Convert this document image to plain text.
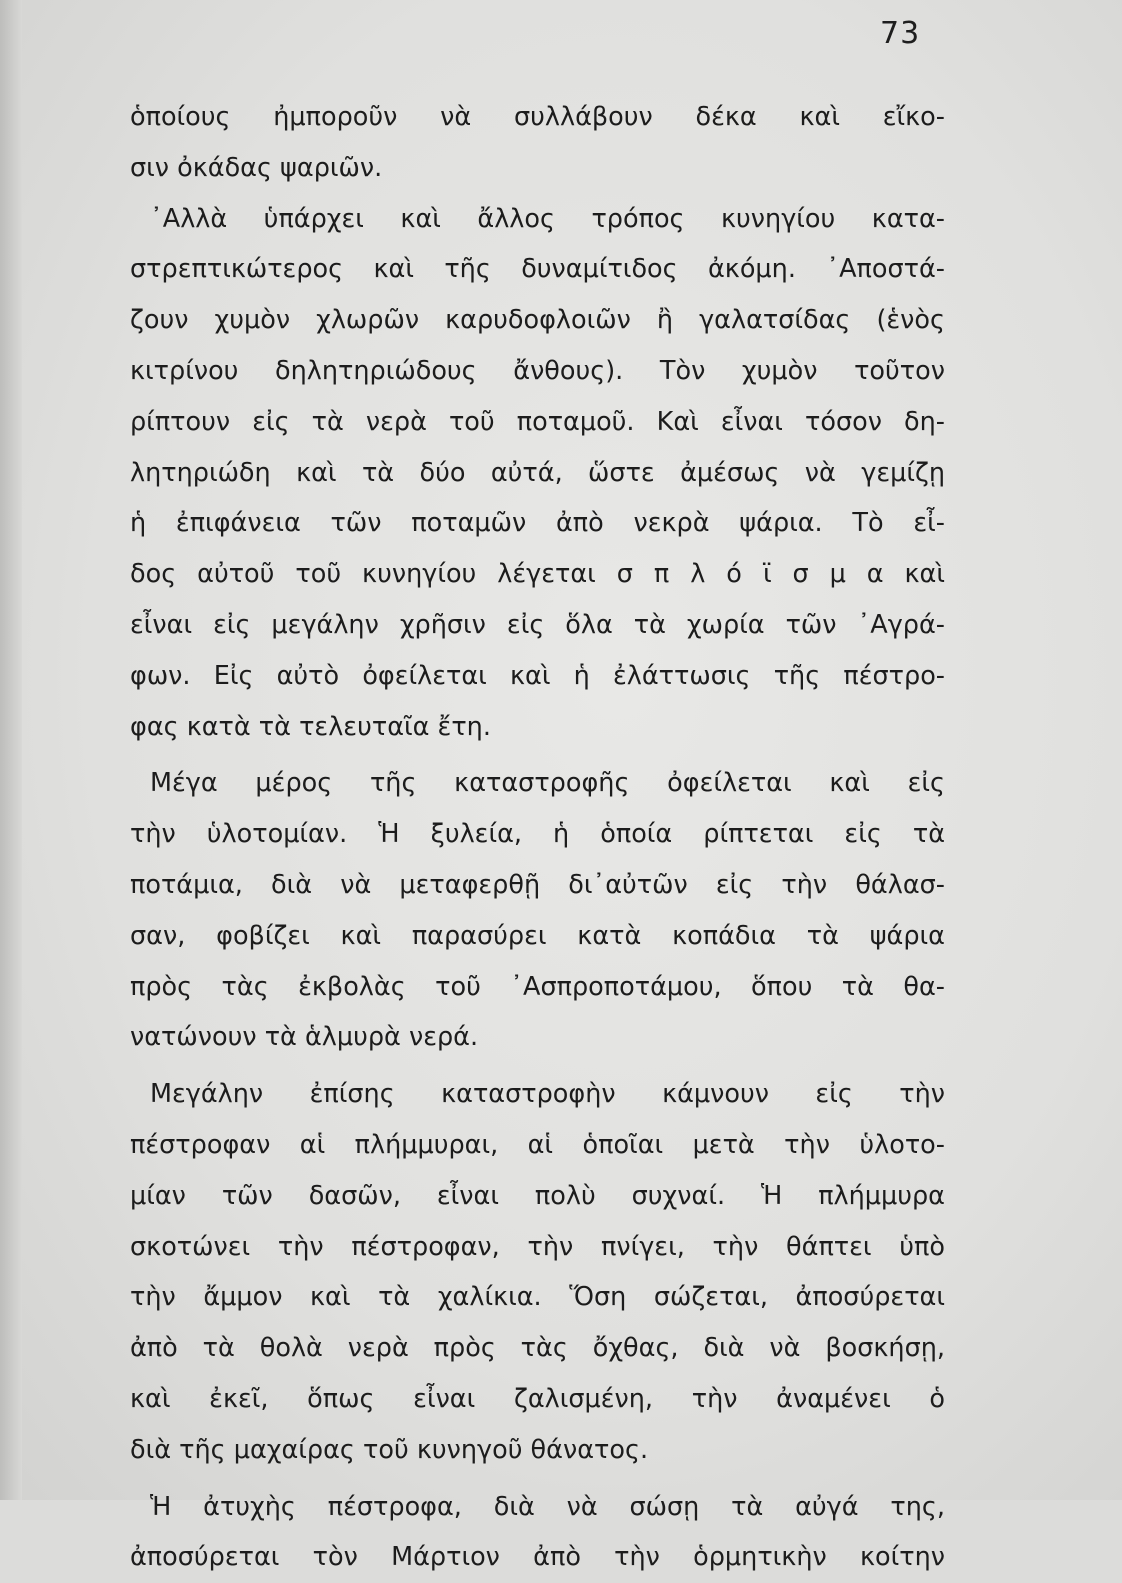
73
ὁποίους ἠμποροῦν νὰ συλλάβουν δέκα καὶ εἴκο-
σιν ὀκάδας ψαριῶν.
᾿Αλλὰ ὑπάρχει καὶ ἄλλος τρόπος κυνηγίου κατα-
στρεπτικώτερος καὶ τῆς δυναμίτιδος ἀκόμη. ᾿Αποστά-
ζουν χυμὸν χλωρῶν καρυδοφλοιῶν ἢ γαλατσίδας (ἑνὸς
κιτρίνου δηλητηριώδους ἄνθους). Τὸν χυμὸν τοῦτον
ρίπτουν εἰς τὰ νερὰ τοῦ ποταμοῦ. Καὶ εἶναι τόσον δη-
λητηριώδη καὶ τὰ δύο αὐτά, ὥστε ἀμέσως νὰ γεμίζῃ
ἡ ἐπιφάνεια τῶν ποταμῶν ἀπὸ νεκρὰ ψάρια. Τὸ εἶ-
δος αὐτοῦ τοῦ κυνηγίου λέγεται σ π λ ό ϊ σ μ α καὶ
εἶναι εἰς μεγάλην χρῆσιν εἰς ὅλα τὰ χωρία τῶν ᾿Αγρά-
φων. Εἰς αὐτὸ ὀφείλεται καὶ ἡ ἐλάττωσις τῆς πέστρο-
φας κατὰ τὰ τελευταῖα ἔτη.
Μέγα μέρος τῆς καταστροφῆς ὀφείλεται καὶ εἰς
τὴν ὑλοτομίαν. Ἡ ξυλεία, ἡ ὁποία ρίπτεται εἰς τὰ
ποτάμια, διὰ νὰ μεταφερθῇ δι᾿αὐτῶν εἰς τὴν θάλασ-
σαν, φοβίζει καὶ παρασύρει κατὰ κοπάδια τὰ ψάρια
πρὸς τὰς ἐκβολὰς τοῦ ᾿Ασπροποτάμου, ὅπου τὰ θα-
νατώνουν τὰ ἁλμυρὰ νερά.
Μεγάλην ἐπίσης καταστροφὴν κάμνουν εἰς τὴν
πέστροφαν αἱ πλήμμυραι, αἱ ὁποῖαι μετὰ τὴν ὑλοτο-
μίαν τῶν δασῶν, εἶναι πολὺ συχναί. Ἡ πλήμμυρα
σκοτώνει τὴν πέστροφαν, τὴν πνίγει, τὴν θάπτει ὑπὸ
τὴν ἄμμον καὶ τὰ χαλίκια. Ὅση σώζεται, ἀποσύρεται
ἀπὸ τὰ θολὰ νερὰ πρὸς τὰς ὄχθας, διὰ νὰ βοσκήσῃ,
καὶ ἐκεῖ, ὅπως εἶναι ζαλισμένη, τὴν ἀναμένει ὁ
διὰ τῆς μαχαίρας τοῦ κυνηγοῦ θάνατος.
Ἡ ἀτυχὴς πέστροφα, διὰ νὰ σώσῃ τὰ αὐγά της,
ἀποσύρεται τὸν Μάρτιον ἀπὸ τὴν ὁρμητικὴν κοίτην
